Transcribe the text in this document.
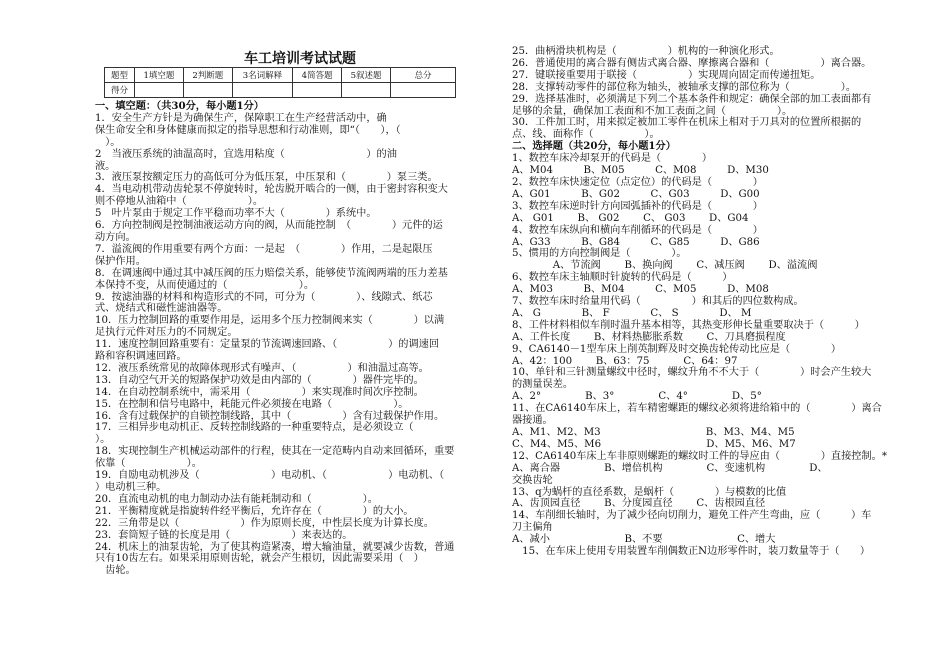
车工培训考试试题
题型	1填空题	2判断题	3名词解释	4简答题	5叙述题	总分
得分						

一、填空题：（共30分，每小题1分）

1．安全生产方针是为确保生产，保障职工在生产经营活动中，确

保生命安全和身体健康而拟定的指导思想和行动准则，即“（　　），（

　）。

2　当液压系统的油温高时，宜选用粘度（　　　　　　　　）的油

液。

3．液压泵按额定压力的高低可分为低压泵，中压泵和（　　　　）泵三类。

4．当电动机带动齿轮泵不停旋转时，轮齿脱开啮合的一侧，由于密封容积变大

则不停地从油箱中（　　　　　　）。

5　叶片泵由于规定工作平稳而功率不大（　　　　）系统中。

6．方向控制阀是控制油液运动方向的阀，从而能控制　（　　　　）元件的运

动方向。

7．溢流阀的作用重要有两个方面：一是起　（　　　　）作用，二是起限压

保护作用。

8．在调速阀中通过其中减压阀的压力赔偿关系，能够使节流阀两端的压力差基

本保持不变，从而使通过的（　　　　　　　）。

9．按滤油器的材料和构造形式的不同，可分为（　　　　）、线隙式、纸芯

式、烧结式和磁性滤油器等。

10．压力控制回路的重要作用是，运用多个压力控制阀来实（　　　　）以满

足执行元件对压力的不同规定。

11．速度控制回路重要有：定量泵的节流调速回路、（　　　　　）的调速回

路和容积调速回路。

12．液压系统常见的故障体现形式有噪声、（　　　　　）和油温过高等。

13．自动空气开关的短路保护功效是由内部的（　　　　）器件完毕的。

14．在自动控制系统中，需采用（　　　　　）来实现准时间次序控制。

15．在控制和信号电路中，耗能元件必须接在电路（　　　　　　）。

16．含有过载保护的自锁控制线路，其中（　　　　　）含有过载保护作用。

17．三相异步电动机正、反转控制线路的一种重要特点，是必须设立（

）。

18．实现控制生产机械运动部件的行程，使其在一定范畴内自动来回循环，重要

依靠（　　　　　　）。

19．自励电动机涉及（　　　　　　　）电动机、（　　　　　　）电动机、（

）电动机三种。

20．直流电动机的电力制动办法有能耗制动和（　　　　　）。

21．平衡精度就是指旋转件经平衡后，允许存在（　　　　）的大小。

22．三角带是以（　　　　　　）作为原则长度，中性层长度为计算长度。

23．套筒短子链的长度是用（　　　　　　）来表达的。

24．机床上的油泵齿轮，为了使其构造紧凑，增大输油量，就要减少齿数，普通

只有10齿左右。如果采用原则齿轮，就会产生根切，因此需要采用（　）

　齿轮。

25．曲柄滑块机构是（　　　　　）机构的一种演化形式。

26．普通使用的离合器有侧齿式离合器、摩擦离合器和（　　　　　）离合器。

27．键联接重要用于联接（　　　　　）实现周向固定而传递扭矩。

28．支撑转动零件的部位称为轴头，被轴承支撑的部位称为（　　　　　）。

29．选择基准时，必须满足下列二个基本条件和规定：确保全部的加工表面都有

足够的余量，确保加工表面和不加工表面之间（　　　　　）。

30．工件加工时，用来拟定被加工零件在机床上相对于刀具对的位置所根据的

点、线、面称作（　　　　　）。

二、选择题（共20分，每小题1分）

1、数控车床冷却泵开的代码是（　　　　）

A、M04　　　B、M05　　　C、M08　　　D、M30

2、数控车床快速定位（点定位）的代码是（　　　　）

A、G01　　　B、G02　　　C、G03　　　D、G00

3、数控车床逆时针方向园弧插补的代码是（　　　　）

A、 G01　　 B、 G02　　 C、 G03　　 D、G04

4、数控车床纵向和横向车削循环的代码是（　　　　）

A、G33　　　B、G84　　　C、G85　　　D、G86

5、惯用的方向控制阀是（　　　　）。

　　　　A、节流阀　　 B、换向阀　　 C、减压阀　　 D、溢流阀

6、数控车床主轴顺时针旋转的代码是（　　　）

A、M03　　　B、M04　　　C、M05　　　D、M08

7、数控车床时给量用代码（　　　　　）和其后的四位数构成。

A、 G　　　　B、 F　　　　C、 S　　　　D、 M

8、工件材料相似车削时温升基本相等，其热变形伸长量重要取决于（　　　）

A、工件长度　　 B、材料热膨胀系数　　 C、刀具磨损程度

9、CA6140－1型车床上削英制辉及时交换齿轮传动比应是（　　　　）

A、42：100　　 B、63：75　　　 C、64：97

10、单针和三针测量螺纹中径时，螺纹升角不不大于（　　　　）时会产生较大

的测量误差。

A、2°　　　　 B、3°　　　　 C、4°　　　　 D、5°

11、在CA6140车床上，若车精密螺距的螺纹必须将进给箱中的（　　　　）离合

器接通。

A、M1、M2、M3　　　　　　　　　　 B、M3、M4、M5

C、M4、M5、M6　　　　　　　　　　 D、M5、M6、M7

12、CA6140车床上车非原则螺距的螺纹时工件的导应由（　　　　）直接控制。*

A、离合器　　　　 B、增倍机构　　　　 C、变速机构　　　　 D、

交换齿轮

13、q为蜗杆的直径系数，是蜗杆（　　　　）与模数的比值

A、齿顶园直径　　 B、分度园直径　　 C、齿根园直径

14、车削细长轴时，为了减少径向切削力，避免工件产生弯曲，应（　　　）车

刀主偏角

A、减小　　　　　　　 B、不要　　　　　　　 C、增大

　15、在车床上使用专用装置车削偶数正N边形零件时，装刀数量等于（　　）
